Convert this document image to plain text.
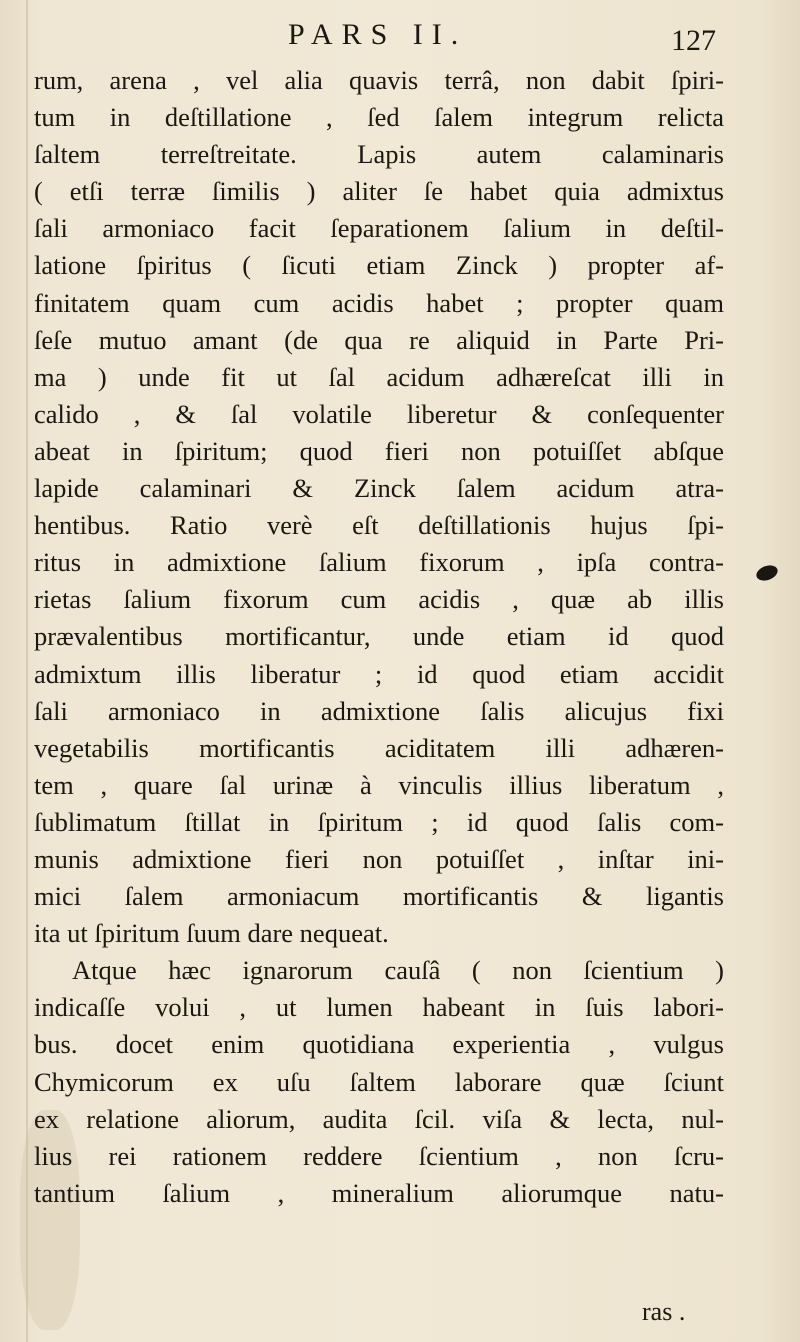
PARS II.	127
rum, arena , vel alia quavis terrâ, non dabit ſpiri-
tum in deſtillatione , ſed ſalem integrum relicta
ſaltem terreſtreitate. Lapis autem calaminaris
( etſi terræ ſimilis ) aliter ſe habet quia admixtus
ſali armoniaco facit ſeparationem ſalium in deſtil-
latione ſpiritus ( ſicuti etiam Zinck ) propter af-
finitatem quam cum acidis habet ; propter quam
ſeſe mutuo amant (de qua re aliquid in Parte Pri-
ma ) unde fit ut ſal acidum adhæreſcat illi in
calido , & ſal volatile liberetur & conſequenter
abeat in ſpiritum; quod fieri non potuiſſet abſque
lapide calaminari & Zinck ſalem acidum atra-
hentibus. Ratio verè eſt deſtillationis hujus ſpi-
ritus in admixtione ſalium fixorum , ipſa contra-
rietas ſalium fixorum cum acidis , quæ ab illis
prævalentibus mortificantur, unde etiam id quod
admixtum illis liberatur ; id quod etiam accidit
ſali armoniaco in admixtione ſalis alicujus fixi
vegetabilis mortificantis aciditatem illi adhæren-
tem , quare ſal urinæ à vinculis illius liberatum ,
ſublimatum ſtillat in ſpiritum ; id quod ſalis com-
munis admixtione fieri non potuiſſet , inſtar ini-
mici ſalem armoniacum mortificantis & ligantis
ita ut ſpiritum ſuum dare nequeat.
Atque hæc ignarorum cauſâ ( non ſcientium )
indicaſſe volui , ut lumen habeant in ſuis labori-
bus. docet enim quotidiana experientia , vulgus
Chymicorum ex uſu ſaltem laborare quæ ſciunt
ex relatione aliorum, audita ſcil. viſa & lecta, nul-
lius rei rationem reddere ſcientium , non ſcru-
tantium ſalium , mineralium aliorumque natu-
ras .
